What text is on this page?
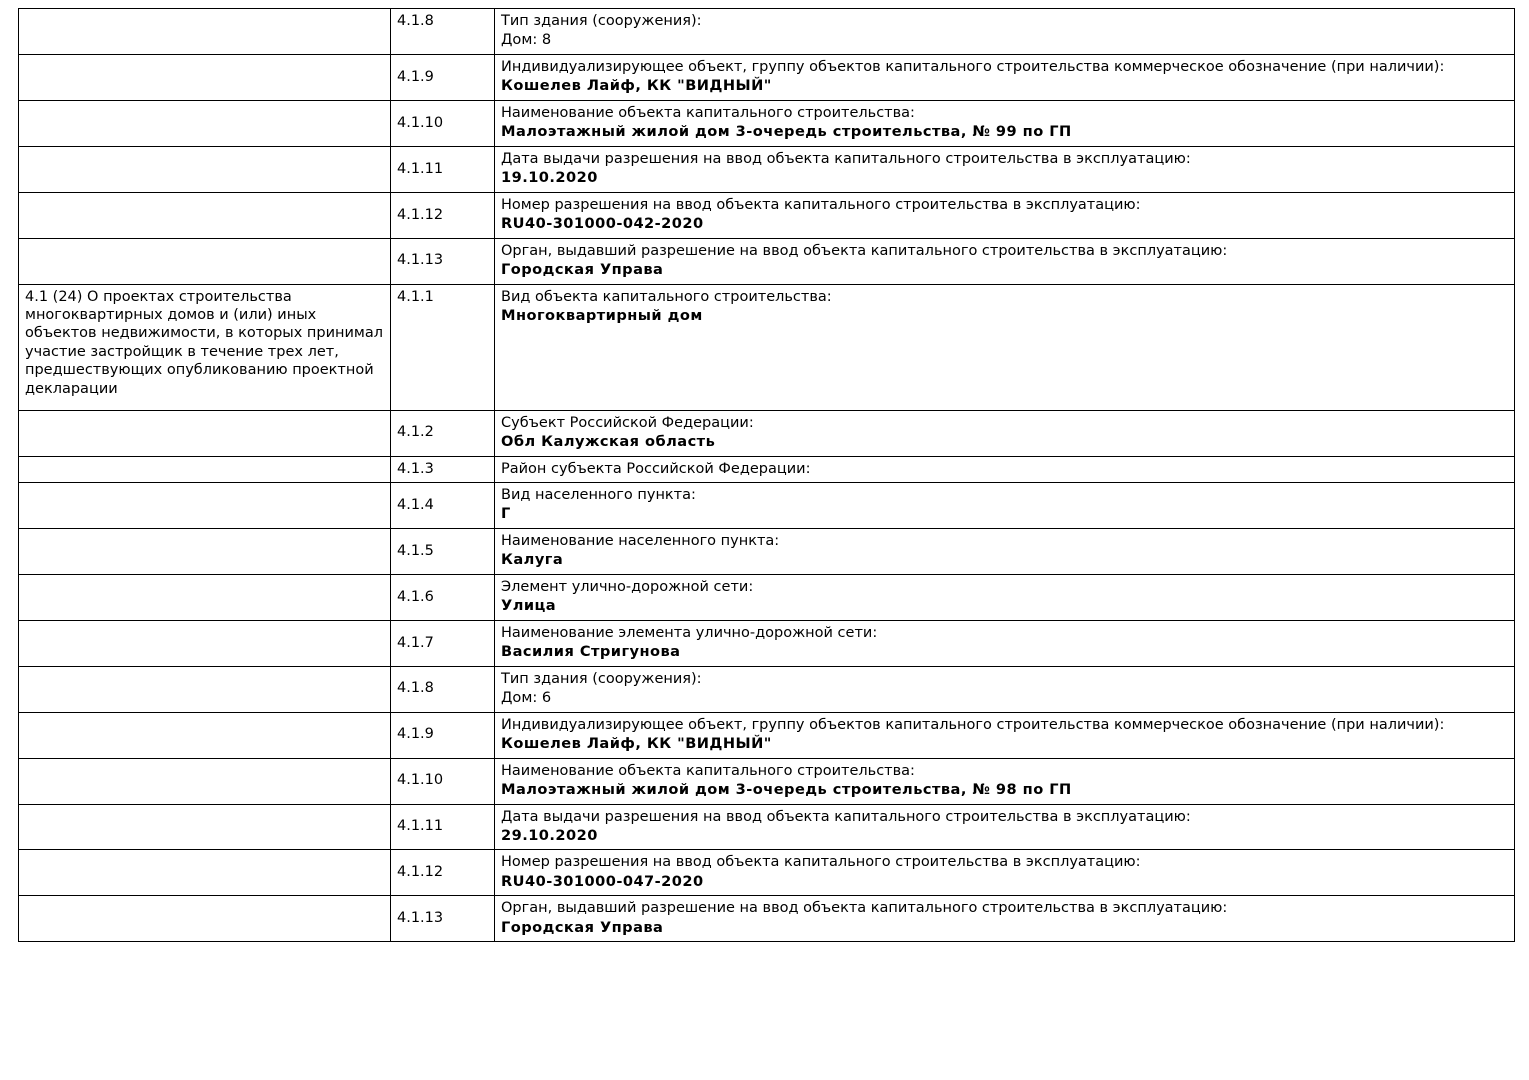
	4.1.8	Тип здания (сооружения):
Дом: 8

	4.1.9	Индивидуализирующее объект, группу объектов капитального строительства коммерческое обозначение (при наличии):
Кошелев Лайф, КК "ВИДНЫЙ"

	4.1.10	Наименование объекта капитального строительства:
Малоэтажный жилой дом 3-очередь строительства, № 99 по ГП

	4.1.11	Дата выдачи разрешения на ввод объекта капитального строительства в эксплуатацию:
19.10.2020

	4.1.12	Номер разрешения на ввод объекта капитального строительства в эксплуатацию:
RU40-301000-042-2020

	4.1.13	Орган, выдавший разрешение на ввод объекта капитального строительства в эксплуатацию:
Городская Управа

4.1 (24) О проектах строительства многоквартирных домов и (или) иных объектов недвижимости, в которых принимал участие застройщик в течение трех лет, предшествующих опубликованию проектной декларации	4.1.1	Вид объекта капитального строительства:
Многоквартирный дом

	4.1.2	Субъект Российской Федерации:
Обл Калужская область

	4.1.3	Район субъекта Российской Федерации:

	4.1.4	Вид населенного пункта:
Г

	4.1.5	Наименование населенного пункта:
Калуга

	4.1.6	Элемент улично-дорожной сети:
Улица

	4.1.7	Наименование элемента улично-дорожной сети:
Василия Стригунова

	4.1.8	Тип здания (сооружения):
Дом: 6

	4.1.9	Индивидуализирующее объект, группу объектов капитального строительства коммерческое обозначение (при наличии):
Кошелев Лайф, КК "ВИДНЫЙ"

	4.1.10	Наименование объекта капитального строительства:
Малоэтажный жилой дом 3-очередь строительства, № 98 по ГП

	4.1.11	Дата выдачи разрешения на ввод объекта капитального строительства в эксплуатацию:
29.10.2020

	4.1.12	Номер разрешения на ввод объекта капитального строительства в эксплуатацию:
RU40-301000-047-2020

	4.1.13	Орган, выдавший разрешение на ввод объекта капитального строительства в эксплуатацию:
Городская Управа
